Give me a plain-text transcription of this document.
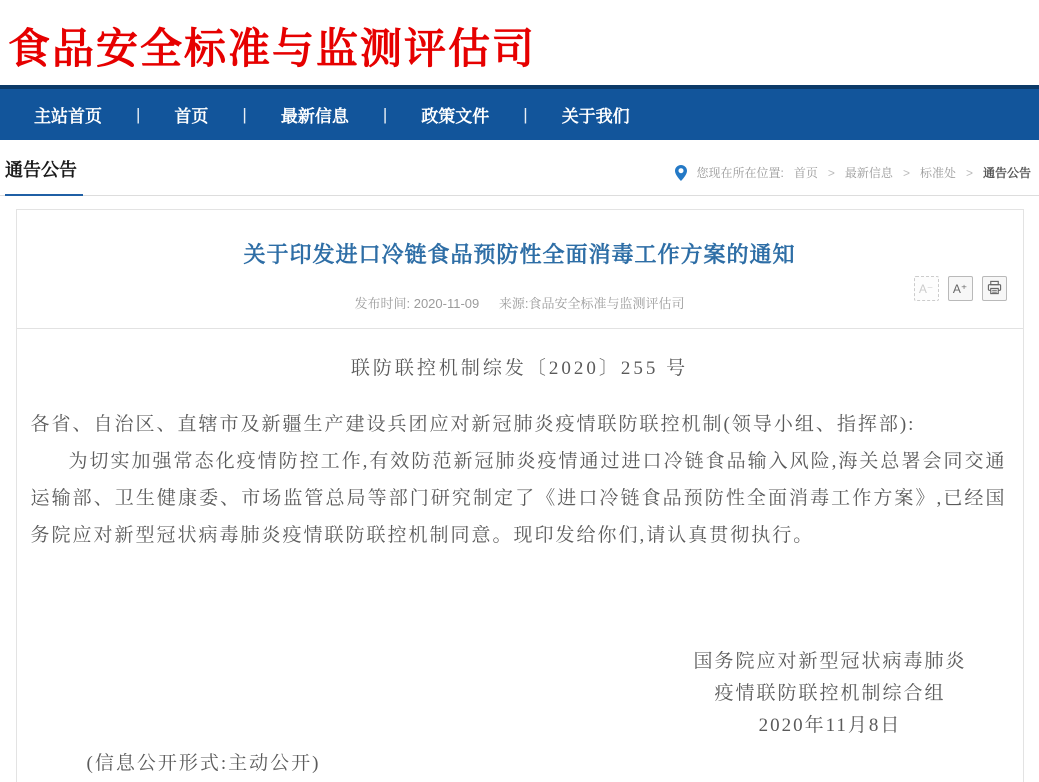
食品安全标准与监测评估司
主站首页 | 首页 | 最新信息 | 政策文件 | 关于我们
通告公告	您现在所在位置: 首页 > 最新信息 > 标准处 > 通告公告
关于印发进口冷链食品预防性全面消毒工作方案的通知
发布时间: 2020-11-09 来源:食品安全标准与监测评估司
A⁻	A⁺
联防联控机制综发〔2020〕255 号

各省、自治区、直辖市及新疆生产建设兵团应对新冠肺炎疫情联防联控机制(领导小组、指挥部):

为切实加强常态化疫情防控工作,有效防范新冠肺炎疫情通过进口冷链食品输入风险,海关总署会同交通运输部、卫生健康委、市场监管总局等部门研究制定了《进口冷链食品预防性全面消毒工作方案》,已经国务院应对新型冠状病毒肺炎疫情联防联控机制同意。现印发给你们,请认真贯彻执行。

国务院应对新型冠状病毒肺炎
疫情联防联控机制综合组
2020年11月8日
(信息公开形式:主动公开)
